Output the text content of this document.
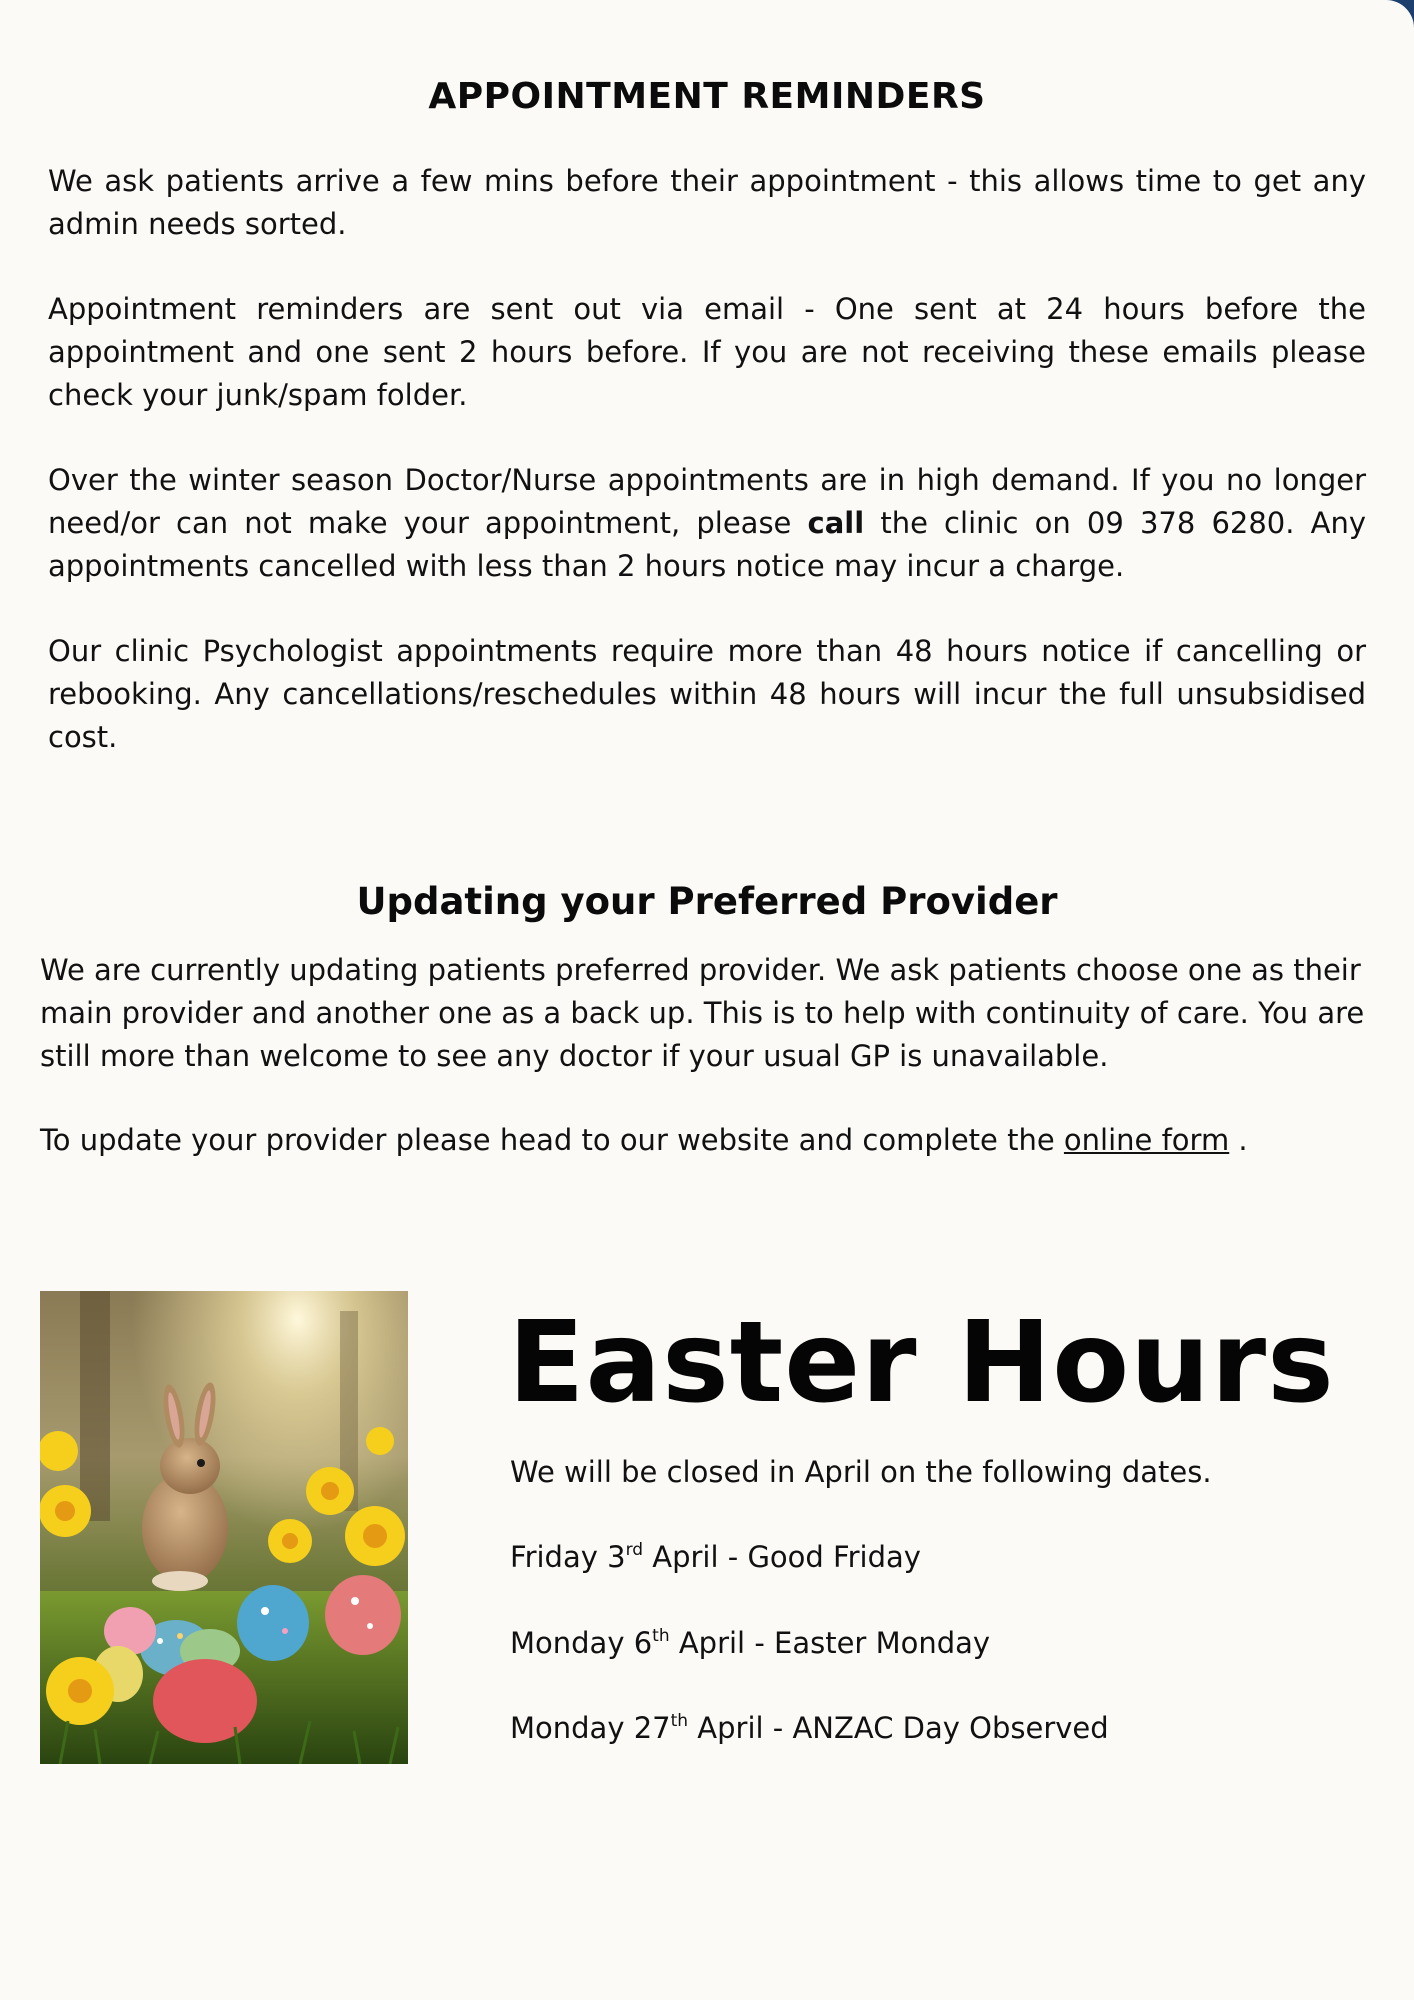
APPOINTMENT REMINDERS

We ask patients arrive a few mins before their appointment - this allows time to get any admin needs sorted.

Appointment reminders are sent out via email - One sent at 24 hours before the appointment and one sent 2 hours before. If you are not receiving these emails please check your junk/spam folder.

Over the winter season Doctor/Nurse appointments are in high demand. If you no longer need/or can not make your appointment, please call the clinic on 09 378 6280. Any appointments cancelled with less than 2 hours notice may incur a charge.

Our clinic Psychologist appointments require more than 48 hours notice if cancelling or rebooking. Any cancellations/reschedules within 48 hours will incur the full unsubsidised cost.

Updating your Preferred Provider

We are currently updating patients preferred provider. We ask patients choose one as their main provider and another one as a back up. This is to help with continuity of care. You are still more than welcome to see any doctor if your usual GP is unavailable.

To update your provider please head to our website and complete the online form .

Easter Hours

We will be closed in April on the following dates.

Friday 3rd April - Good Friday

Monday 6th April - Easter Monday

Monday 27th April - ANZAC Day Observed
